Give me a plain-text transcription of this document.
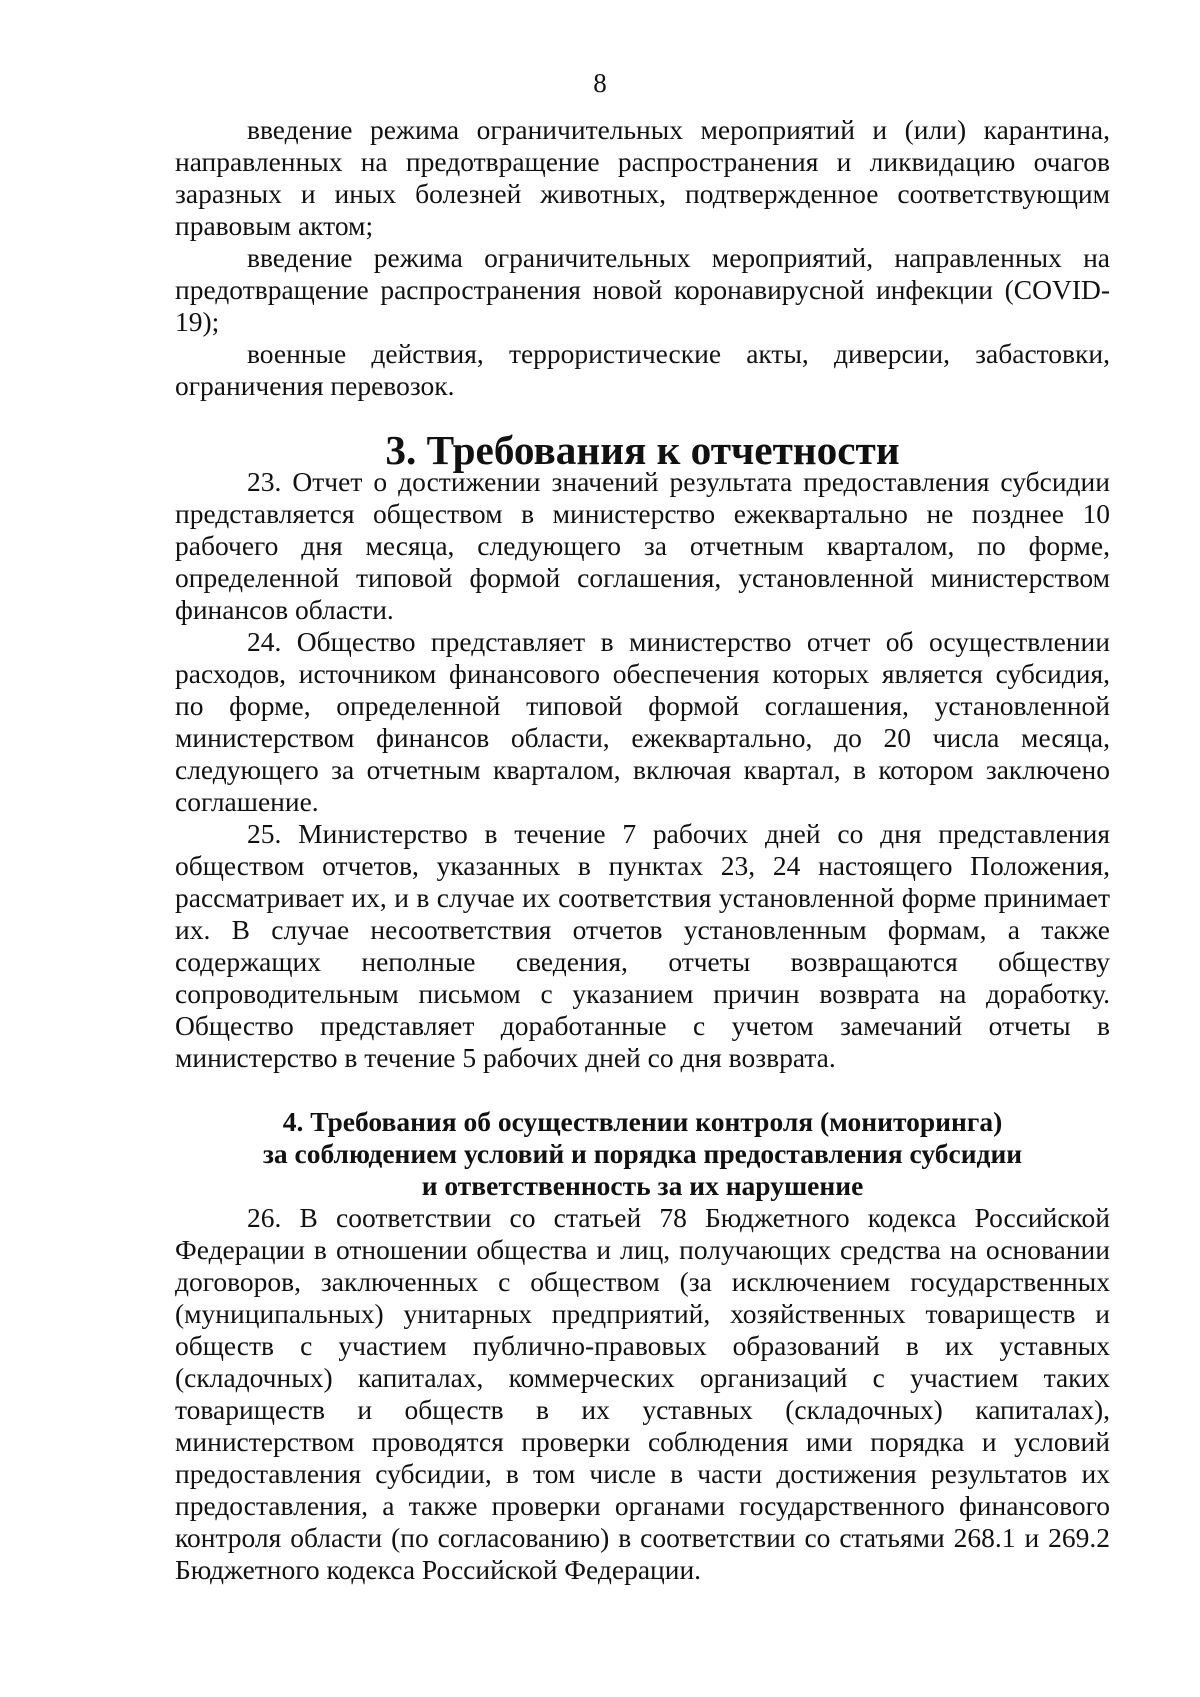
8

введение режима ограничительных мероприятий и (или) карантина, направленных на предотвращение распространения и ликвидацию очагов заразных и иных болезней животных, подтвержденное соответствующим правовым актом;

введение режима ограничительных мероприятий, направленных на предотвращение распространения новой коронавирусной инфекции (COVID-19);

военные действия, террористические акты, диверсии, забастовки, ограничения перевозок.

3. Требования к отчетности

23. Отчет о достижении значений результата предоставления субсидии представляется обществом в министерство ежеквартально не позднее 10 рабочего дня месяца, следующего за отчетным кварталом, по форме, определенной типовой формой соглашения, установленной министерством финансов области.

24. Общество представляет в министерство отчет об осуществлении расходов, источником финансового обеспечения которых является субсидия, по форме, определенной типовой формой соглашения, установленной министерством финансов области, ежеквартально, до 20 числа месяца, следующего за отчетным кварталом, включая квартал, в котором заключено соглашение.

25. Министерство в течение 7 рабочих дней со дня представления обществом отчетов, указанных в пунктах 23, 24 настоящего Положения, рассматривает их, и в случае их соответствия установленной форме принимает их. В случае несоответствия отчетов установленным формам, а также содержащих неполные сведения, отчеты возвращаются обществу сопроводительным письмом с указанием причин возврата на доработку. Общество представляет доработанные с учетом замечаний отчеты в министерство в течение 5 рабочих дней со дня возврата.

4. Требования об осуществлении контроля (мониторинга)
за соблюдением условий и порядка предоставления субсидии
и ответственность за их нарушение

26. В соответствии со статьей 78 Бюджетного кодекса Российской Федерации в отношении общества и лиц, получающих средства на основании договоров, заключенных с обществом (за исключением государственных (муниципальных) унитарных предприятий, хозяйственных товариществ и обществ с участием публично-правовых образований в их уставных (складочных) капиталах, коммерческих организаций с участием таких товариществ и обществ в их уставных (складочных) капиталах), министерством проводятся проверки соблюдения ими порядка и условий предоставления субсидии, в том числе в части достижения результатов их предоставления, а также проверки органами государственного финансового контроля области (по согласованию) в соответствии со статьями 268.1 и 269.2 Бюджетного кодекса Российской Федерации.
